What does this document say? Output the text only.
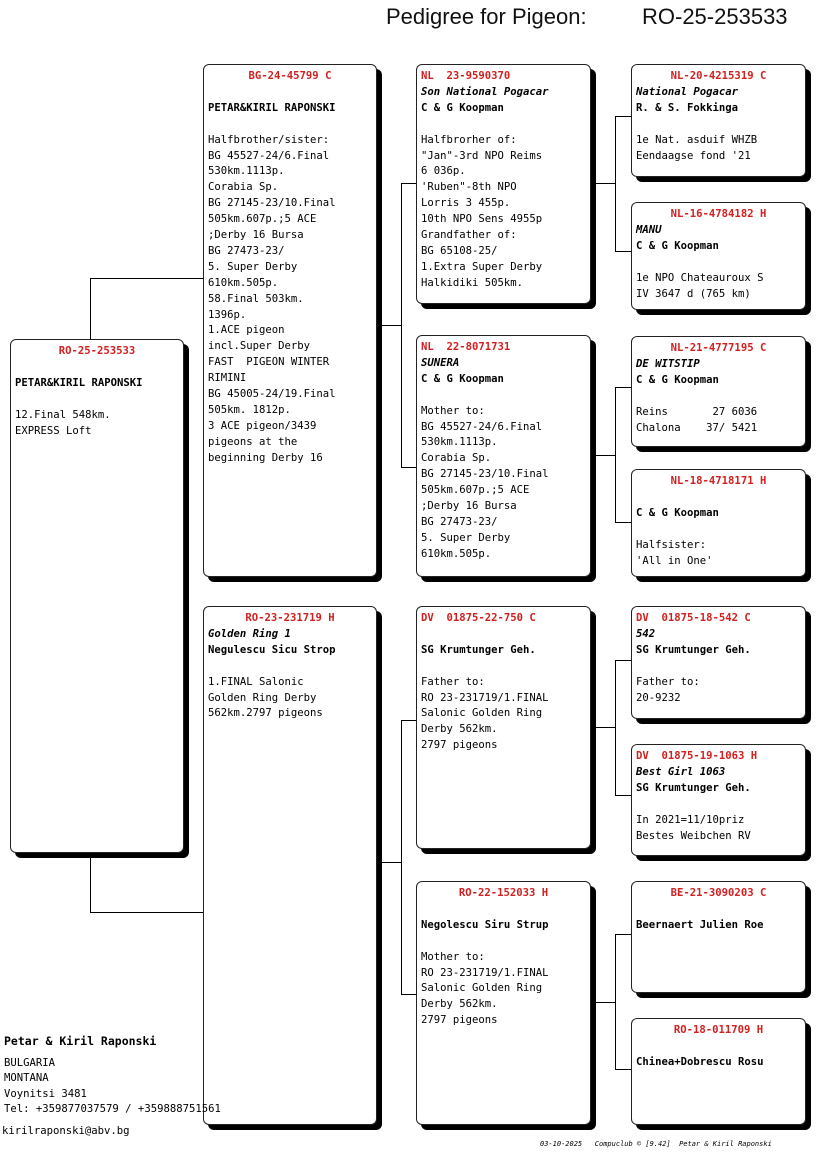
Pedigree for Pigeon:	RO-25-253533
RO-25-253533
PETAR&KIRIL RAPONSKI
12.Final 548km.
EXPRESS Loft
BG-24-45799 C
PETAR&KIRIL RAPONSKI
Halfbrother/sister:
BG 45527-24/6.Final
530km.1113p.
Corabia Sp.
BG 27145-23/10.Final
505km.607p.;5 ACE
;Derby 16 Bursa
BG 27473-23/
5. Super Derby
610km.505p.
58.Final 503km.
1396p.
1.ACE pigeon
incl.Super Derby
FAST  PIGEON WINTER
RIMINI
BG 45005-24/19.Final
505km. 1812p.
3 ACE pigeon/3439
pigeons at the
beginning Derby 16
RO-23-231719 H
Golden Ring 1
Negulescu Sicu Strop
1.FINAL Salonic
Golden Ring Derby
562km.2797 pigeons
NL  23-9590370
Son National Pogacar
C & G Koopman
Halfbrorher of:
"Jan"-3rd NPO Reims
6 036p.
'Ruben"-8th NPO
Lorris 3 455p.
10th NPO Sens 4955p
Grandfather of:
BG 65108-25/
1.Extra Super Derby
Halkidiki 505km.
NL  22-8071731
SUNERA
C & G Koopman
Mother to:
BG 45527-24/6.Final
530km.1113p.
Corabia Sp.
BG 27145-23/10.Final
505km.607p.;5 ACE
;Derby 16 Bursa
BG 27473-23/
5. Super Derby
610km.505p.
DV  01875-22-750 C
SG Krumtunger Geh.
Father to:
RO 23-231719/1.FINAL
Salonic Golden Ring
Derby 562km.
2797 pigeons
RO-22-152033 H
Negolescu Siru Strup
Mother to:
RO 23-231719/1.FINAL
Salonic Golden Ring
Derby 562km.
2797 pigeons
NL-20-4215319 C
National Pogacar
R. & S. Fokkinga
1e Nat. asduif WHZB
Eendaagse fond '21
NL-16-4784182 H
MANU
C & G Koopman
1e NPO Chateauroux S
IV 3647 d (765 km)
NL-21-4777195 C
DE WITSTIP
C & G Koopman
Reins       27 6036
Chalona    37/ 5421
NL-18-4718171 H
C & G Koopman
Halfsister:
'All in One'
DV  01875-18-542 C
542
SG Krumtunger Geh.
Father to:
20-9232
DV  01875-19-1063 H
Best Girl 1063
SG Krumtunger Geh.
In 2021=11/10priz
Bestes Weibchen RV
BE-21-3090203 C
Beernaert Julien Roe
RO-18-011709 H
Chinea+Dobrescu Rosu
Petar & Kiril Raponski
BULGARIA
MONTANA
Voynitsi 3481
Tel: +359877037579 / +359888751561
kirilraponski@abv.bg
03-10-2025   Compuclub © [9.42]  Petar & Kiril Raponski
